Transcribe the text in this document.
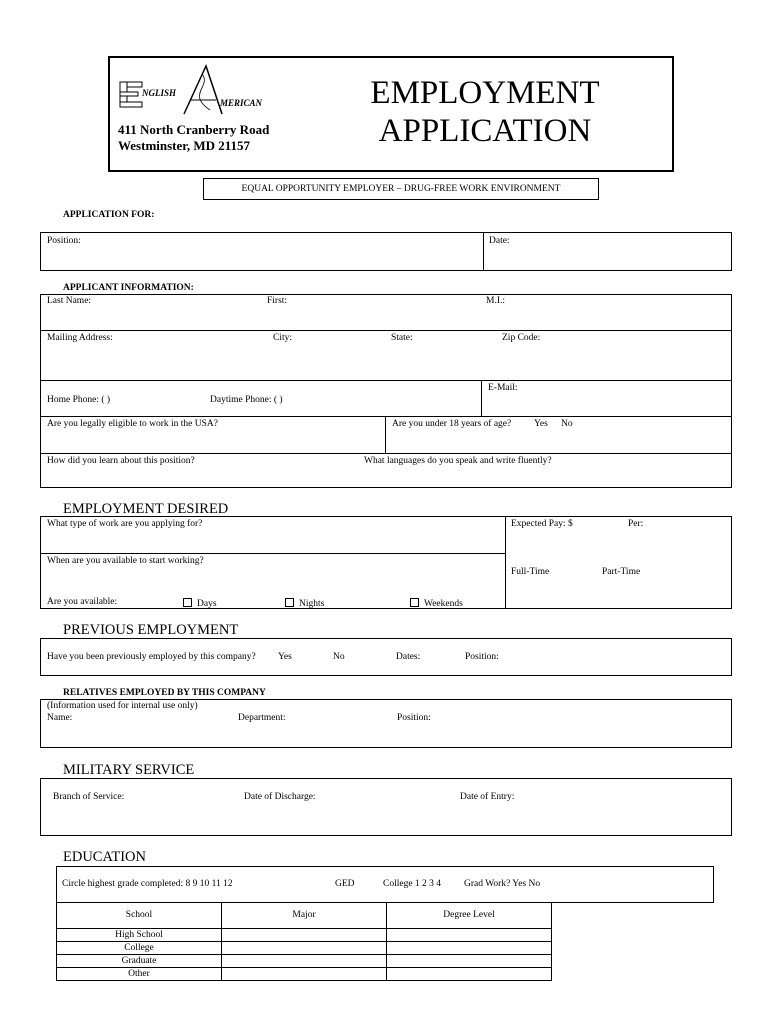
NGLISH
MERICAN
411 North Cranberry Road
Westminster, MD 21157
EMPLOYMENT
APPLICATION
EQUAL OPPORTUNITY EMPLOYER – DRUG-FREE WORK ENVIRONMENT
APPLICATION FOR:
Position:	Date:
APPLICANT INFORMATION:
Last Name:	First:	M.I.:
Mailing Address:	City:	State:	Zip Code:
E-Mail:
Home Phone: ( )	Daytime Phone: ( )
Are you legally eligible to work in the USA?	Are you under 18 years of age? Yes No
How did you learn about this position?	What languages do you speak and write fluently?
EMPLOYMENT DESIRED
What type of work are you applying for?	Expected Pay: $	Per:
When are you available to start working?
Full-Time	Part-Time
Are you available:	Days	Nights	Weekends
PREVIOUS EMPLOYMENT
Have you been previously employed by this company? Yes	No	Dates:	Position:
RELATIVES EMPLOYED BY THIS COMPANY
(Information used for internal use only)
Name:	Department:	Position:
MILITARY SERVICE
Branch of Service:	Date of Discharge:	Date of Entry:
EDUCATION
Circle highest grade completed: 8 9 10 11 12	GED	College 1 2 3 4 Grad Work? Yes No
School	Major	Degree Level
High School		
College		
Graduate		
Other		
